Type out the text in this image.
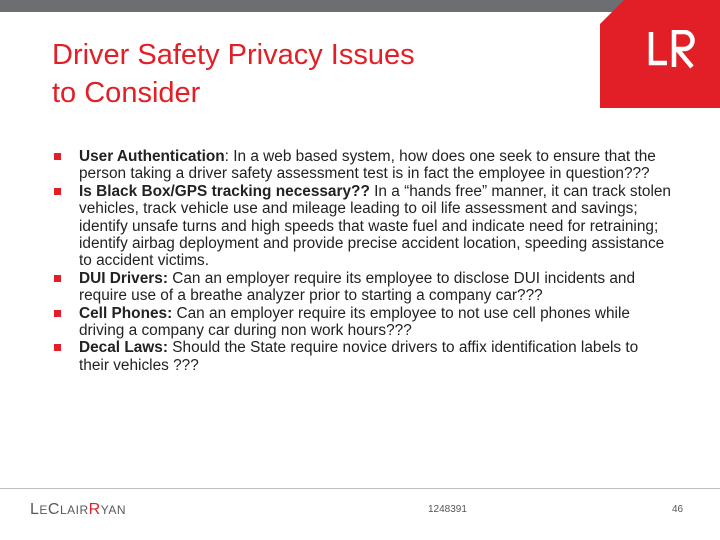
Driver Safety Privacy Issues
to Consider
User Authentication: In a web based system, how does one seek to ensure that the person taking a driver safety assessment test is in fact the employee in question???
Is Black Box/GPS tracking necessary?? In a “hands free” manner, it can track stolen vehicles, track vehicle use and mileage leading to oil life assessment and savings; identify unsafe turns and high speeds that waste fuel and indicate need for retraining; identify airbag deployment and provide precise accident location, speeding assistance to accident victims.
DUI Drivers: Can an employer require its employee to disclose DUI incidents and require use of a breathe analyzer prior to starting a company car???
Cell Phones: Can an employer require its employee to not use cell phones while driving a company car during non work hours???
Decal Laws: Should the State require novice drivers to affix identification labels to their vehicles ???
LECLAIRRYAN	1248391	46
